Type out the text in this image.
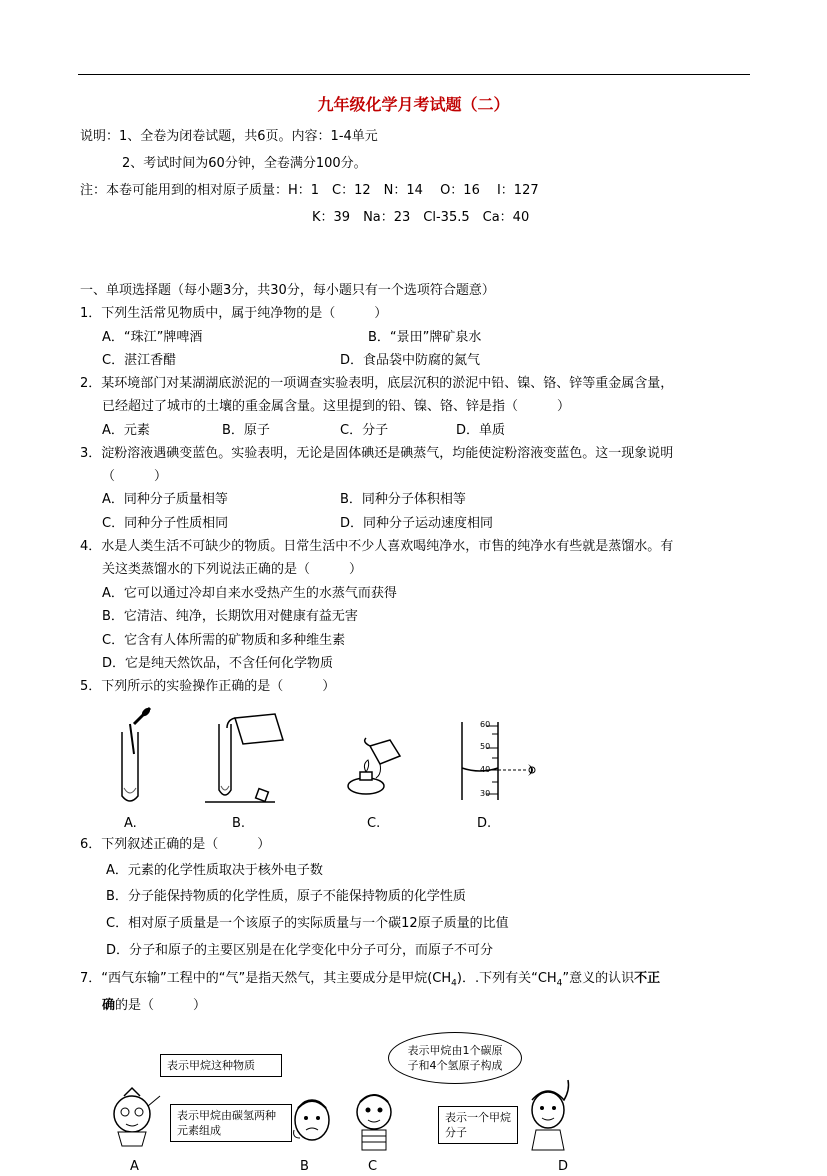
九年级化学月考试题（二）
说明：1、全卷为闭卷试题，共6页。内容：1-4单元
2、考试时间为60分钟，全卷满分100分。
注：本卷可能用到的相对原子质量：H：1　C：12　N：14　 O：16　 I：127
K：39　Na：23　Cl-35.5　Ca：40
一、单项选择题（每小题3分，共30分，每小题只有一个选项符合题意）
1．下列生活常见物质中，属于纯净物的是（　　　）
A．“珠江”牌啤酒	B．“景田”牌矿泉水
C．湛江香醋	D．食品袋中防腐的氮气
2．某环境部门对某湖湖底淤泥的一项调查实验表明，底层沉积的淤泥中铅、镍、铬、锌等重金属含量，
已经超过了城市的土壤的重金属含量。这里提到的铅、镍、铬、锌是指（　　　）
A．元素	B．原子	C．分子	D．单质
3．淀粉溶液遇碘变蓝色。实验表明，无论是固体碘还是碘蒸气，均能使淀粉溶液变蓝色。这一现象说明
（　　　）
A．同种分子质量相等	B．同种分子体积相等
C．同种分子性质相同	D．同种分子运动速度相同
4．水是人类生活不可缺少的物质。日常生活中不少人喜欢喝纯净水，市售的纯净水有些就是蒸馏水。有
关这类蒸馏水的下列说法正确的是（　　　）
A．它可以通过冷却自来水受热产生的水蒸气而获得
B．它清洁、纯净，长期饮用对健康有益无害
C．它含有人体所需的矿物质和多种维生素
D．它是纯天然饮品，不含任何化学物质
5．下列所示的实验操作正确的是（　　　）
A.	B.	C.
60
50
40
30
D.
6．下列叙述正确的是（　　　）
A．元素的化学性质取决于核外电子数
B．分子能保持物质的化学性质，原子不能保持物质的化学性质
C．相对原子质量是一个该原子的实际质量与一个碳12原子质量的比值
D．分子和原子的主要区别是在化学变化中分子可分，而原子不可分
7．“西气东输”工程中的“气”是指天然气，其主要成分是甲烷$(CH_4)$．.下列有关“$CH_4$”意义的认识不正
确的是（　　　）
表示甲烷这种物质
表示甲烷由碳氢两种元素组成
表示甲烷由1个碳原子和4个氢原子构成
表示一个甲烷分子
A	B	C	D
